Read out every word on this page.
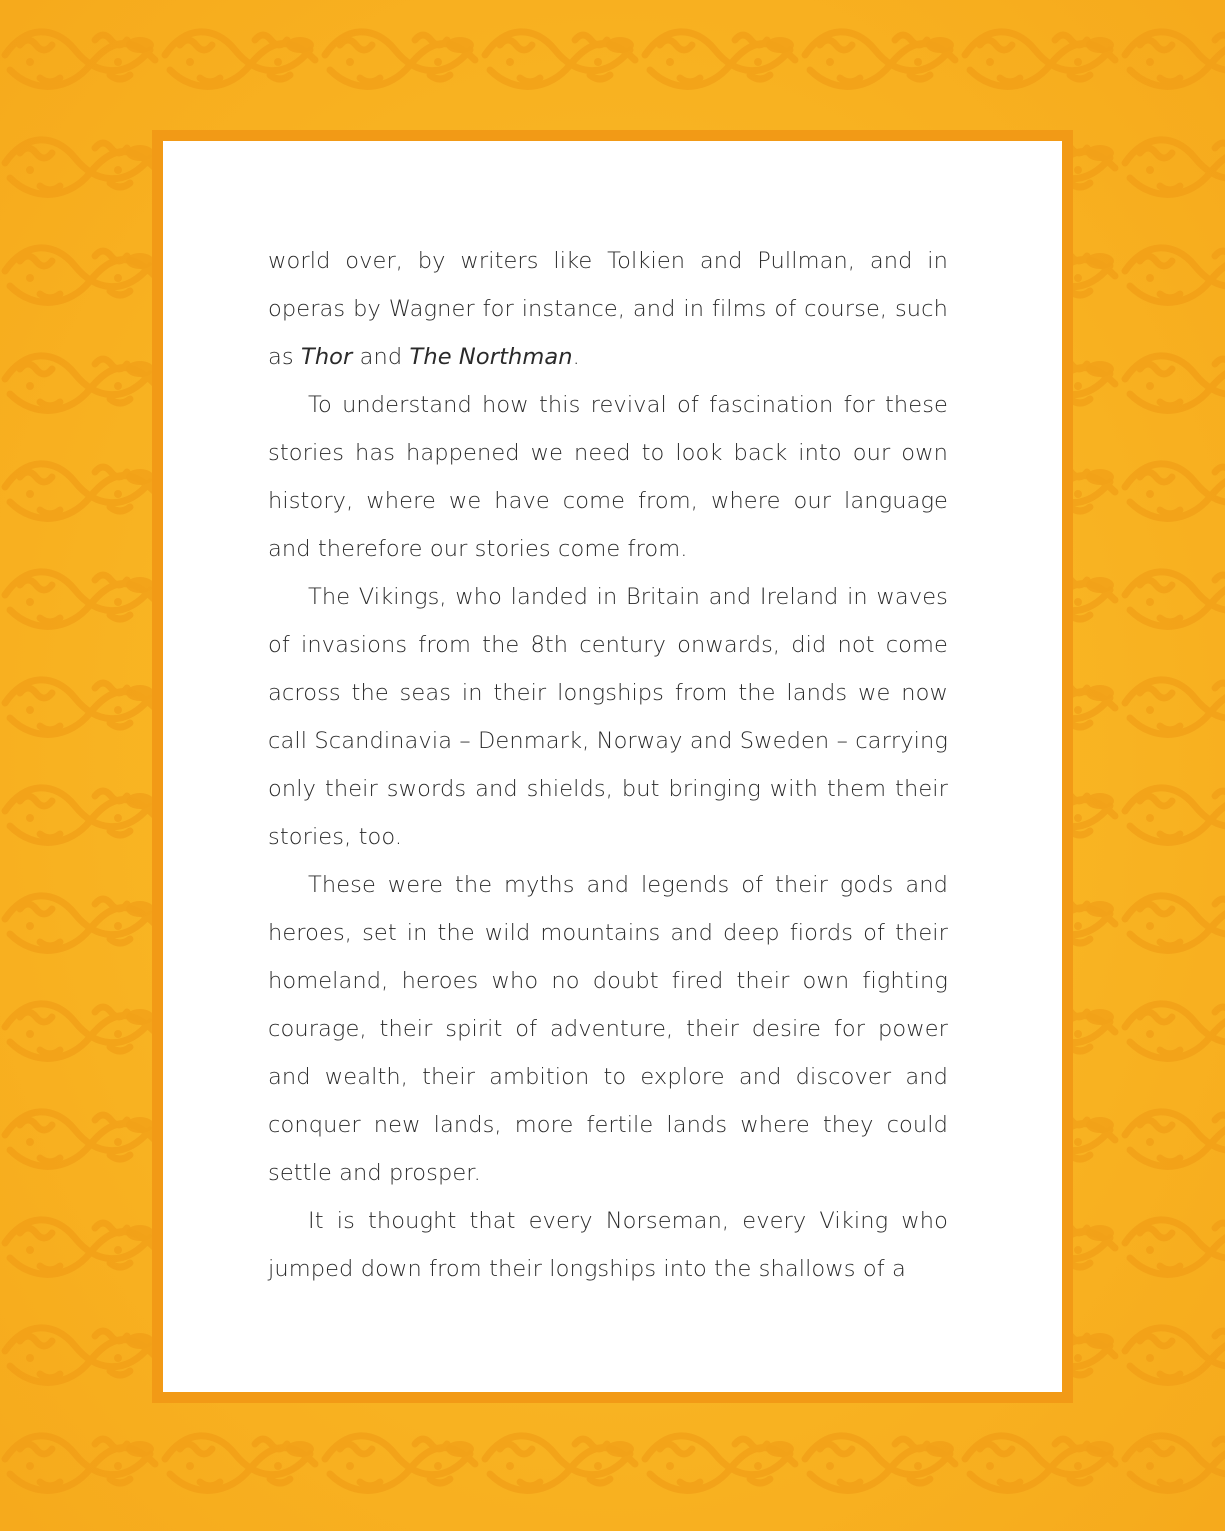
world over, by writers like Tolkien and Pullman, and in operas by Wagner for instance, and in films of course, such as Thor and The Northman.

To understand how this revival of fascination for these stories has happened we need to look back into our own history, where we have come from, where our language and therefore our stories come from.

The Vikings, who landed in Britain and Ireland in waves of invasions from the 8th century onwards, did not come across the seas in their longships from the lands we now call Scandinavia – Denmark, Norway and Sweden – carrying only their swords and shields, but bringing with them their stories, too.

These were the myths and legends of their gods and heroes, set in the wild mountains and deep fiords of their homeland, heroes who no doubt fired their own fighting courage, their spirit of adventure, their desire for power and wealth, their ambition to explore and discover and conquer new lands, more fertile lands where they could settle and prosper.

It is thought that every Norseman, every Viking who jumped down from their longships into the shallows of a
